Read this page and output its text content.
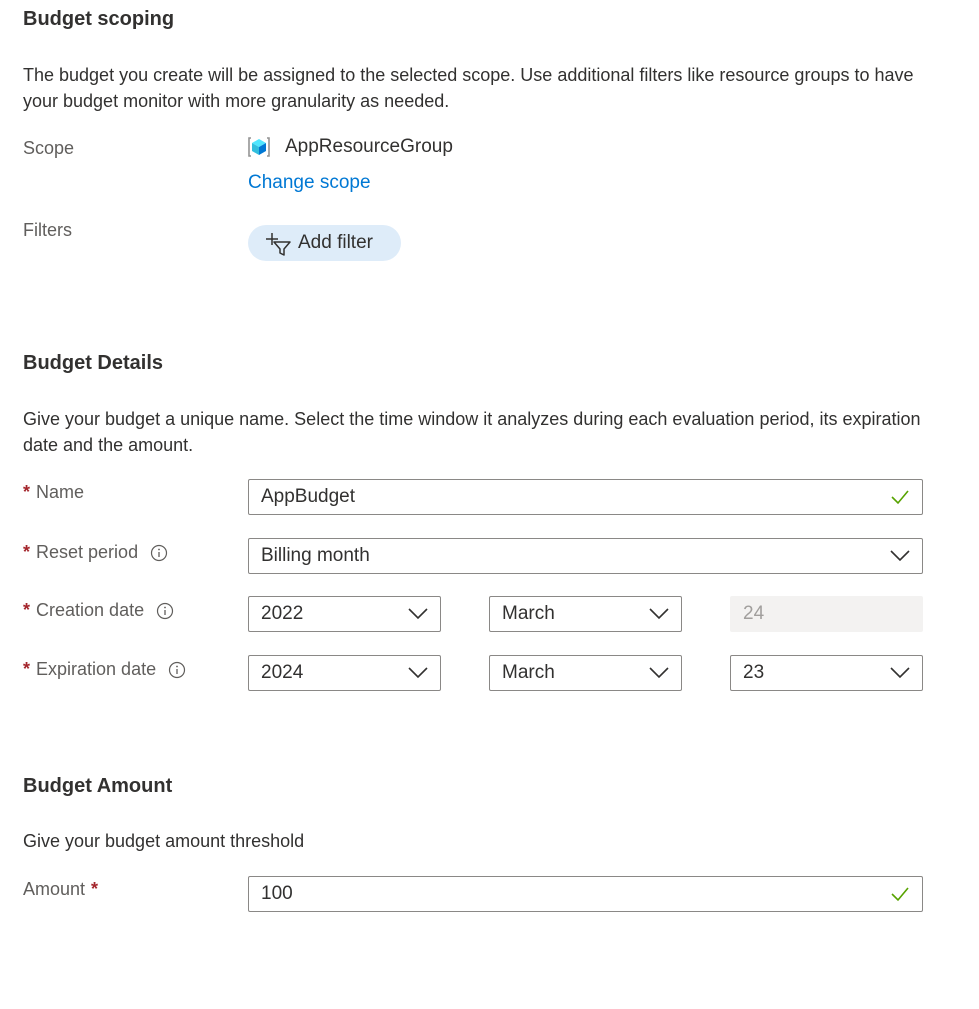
Budget scoping
The budget you create will be assigned to the selected scope. Use additional filters like resource groups to have your budget monitor with more granularity as needed.
Scope	AppResourceGroup
Change scope
Filters
Add filter
Budget Details
Give your budget a unique name. Select the time window it analyzes during each evaluation period, its expiration date and the amount.
* Name	AppBudget
* Reset period	Billing month
* Creation date	2022	March	24
* Expiration date	2024	March	23
Budget Amount
Give your budget amount threshold
Amount *	100
